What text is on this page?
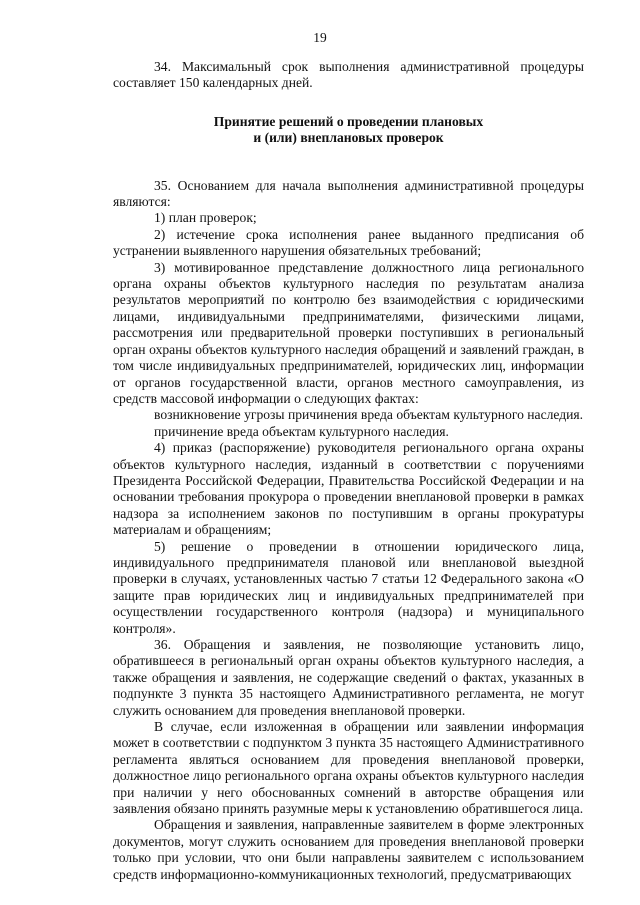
19

34. Максимальный срок выполнения административной процедуры составляет 150 календарных дней.

Принятие решений о проведении плановых
и (или) внеплановых проверок

35. Основанием для начала выполнения административной процедуры являются:

1) план проверок;

2) истечение срока исполнения ранее выданного предписания об устранении выявленного нарушения обязательных требований;

3) мотивированное представление должностного лица регионального органа охраны объектов культурного наследия по результатам анализа результатов мероприятий по контролю без взаимодействия с юридическими лицами, индивидуальными предпринимателями, физическими лицами, рассмотрения или предварительной проверки поступивших в региональный орган охраны объектов культурного наследия обращений и заявлений граждан, в том числе индивидуальных предпринимателей, юридических лиц, информации от органов государственной власти, органов местного самоуправления, из средств массовой информации о следующих фактах:

возникновение угрозы причинения вреда объектам культурного наследия.

причинение вреда объектам культурного наследия.

4) приказ (распоряжение) руководителя регионального органа охраны объектов культурного наследия, изданный в соответствии с поручениями Президента Российской Федерации, Правительства Российской Федерации и на основании требования прокурора о проведении внеплановой проверки в рамках надзора за исполнением законов по поступившим в органы прокуратуры материалам и обращениям;

5) решение о проведении в отношении юридического лица, индивидуального предпринимателя плановой или внеплановой выездной проверки в случаях, установленных частью 7 статьи 12 Федерального закона «О защите прав юридических лиц и индивидуальных предпринимателей при осуществлении государственного контроля (надзора) и муниципального контроля».

36. Обращения и заявления, не позволяющие установить лицо, обратившееся в региональный орган охраны объектов культурного наследия, а также обращения и заявления, не содержащие сведений о фактах, указанных в подпункте 3 пункта 35 настоящего Административного регламента, не могут служить основанием для проведения внеплановой проверки.

В случае, если изложенная в обращении или заявлении информация может в соответствии с подпунктом 3 пункта 35 настоящего Административного регламента являться основанием для проведения внеплановой проверки, должностное лицо регионального органа охраны объектов культурного наследия при наличии у него обоснованных сомнений в авторстве обращения или заявления обязано принять разумные меры к установлению обратившегося лица.

Обращения и заявления, направленные заявителем в форме электронных документов, могут служить основанием для проведения внеплановой проверки только при условии, что они были направлены заявителем с использованием средств информационно-коммуникационных технологий, предусматривающих
